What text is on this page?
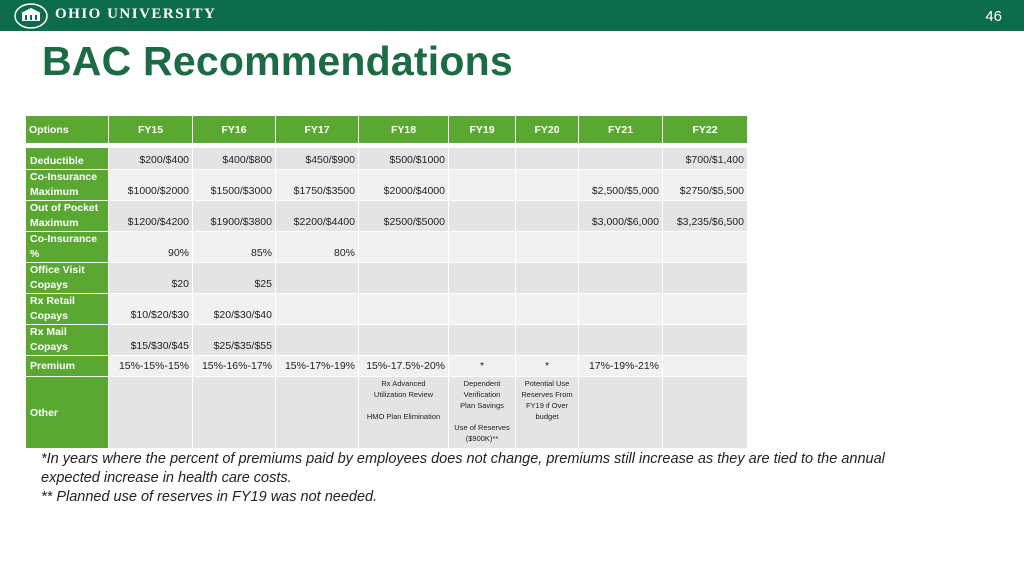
OHIO UNIVERSITY	46
BAC Recommendations
Options	FY15	FY16	FY17	FY18	FY19	FY20	FY21	FY22

Deductible	$200/$400	$400/$800	$450/$900	$500/$1000				$700/$1,400

Co-Insurance
Maximum	$1000/$2000	$1500/$3000	$1750/$3500	$2000/$4000			$2,500/$5,000	$2750/$5,500

Out of Pocket
Maximum	$1200/$4200	$1900/$3800	$2200/$4400	$2500/$5000			$3,000/$6,000	$3,235/$6,500

Co-Insurance
%	90%	85%	80%					

Office Visit
Copays	$20	$25						

Rx Retail
Copays	$10/$20/$30	$20/$30/$40						

Rx Mail
Copays	$15/$30/$45	$25/$35/$55						

Premium	15%-15%-15%	15%-16%-17%	15%-17%-19%	15%-17.5%-20%	*	*	17%-19%-21%	
Other				Rx Advanced
Utilization Review
HMO Plan Elimination	Dependent
Verification
Plan Savings
Use of Reserves
($900K)**	Potential Use
Reserves From
FY19 if Over
budget		

*In years where the percent of premiums paid by employees does not change, premiums still increase as they are tied to the annual expected increase in health care costs.

** Planned use of reserves in FY19 was not needed.
